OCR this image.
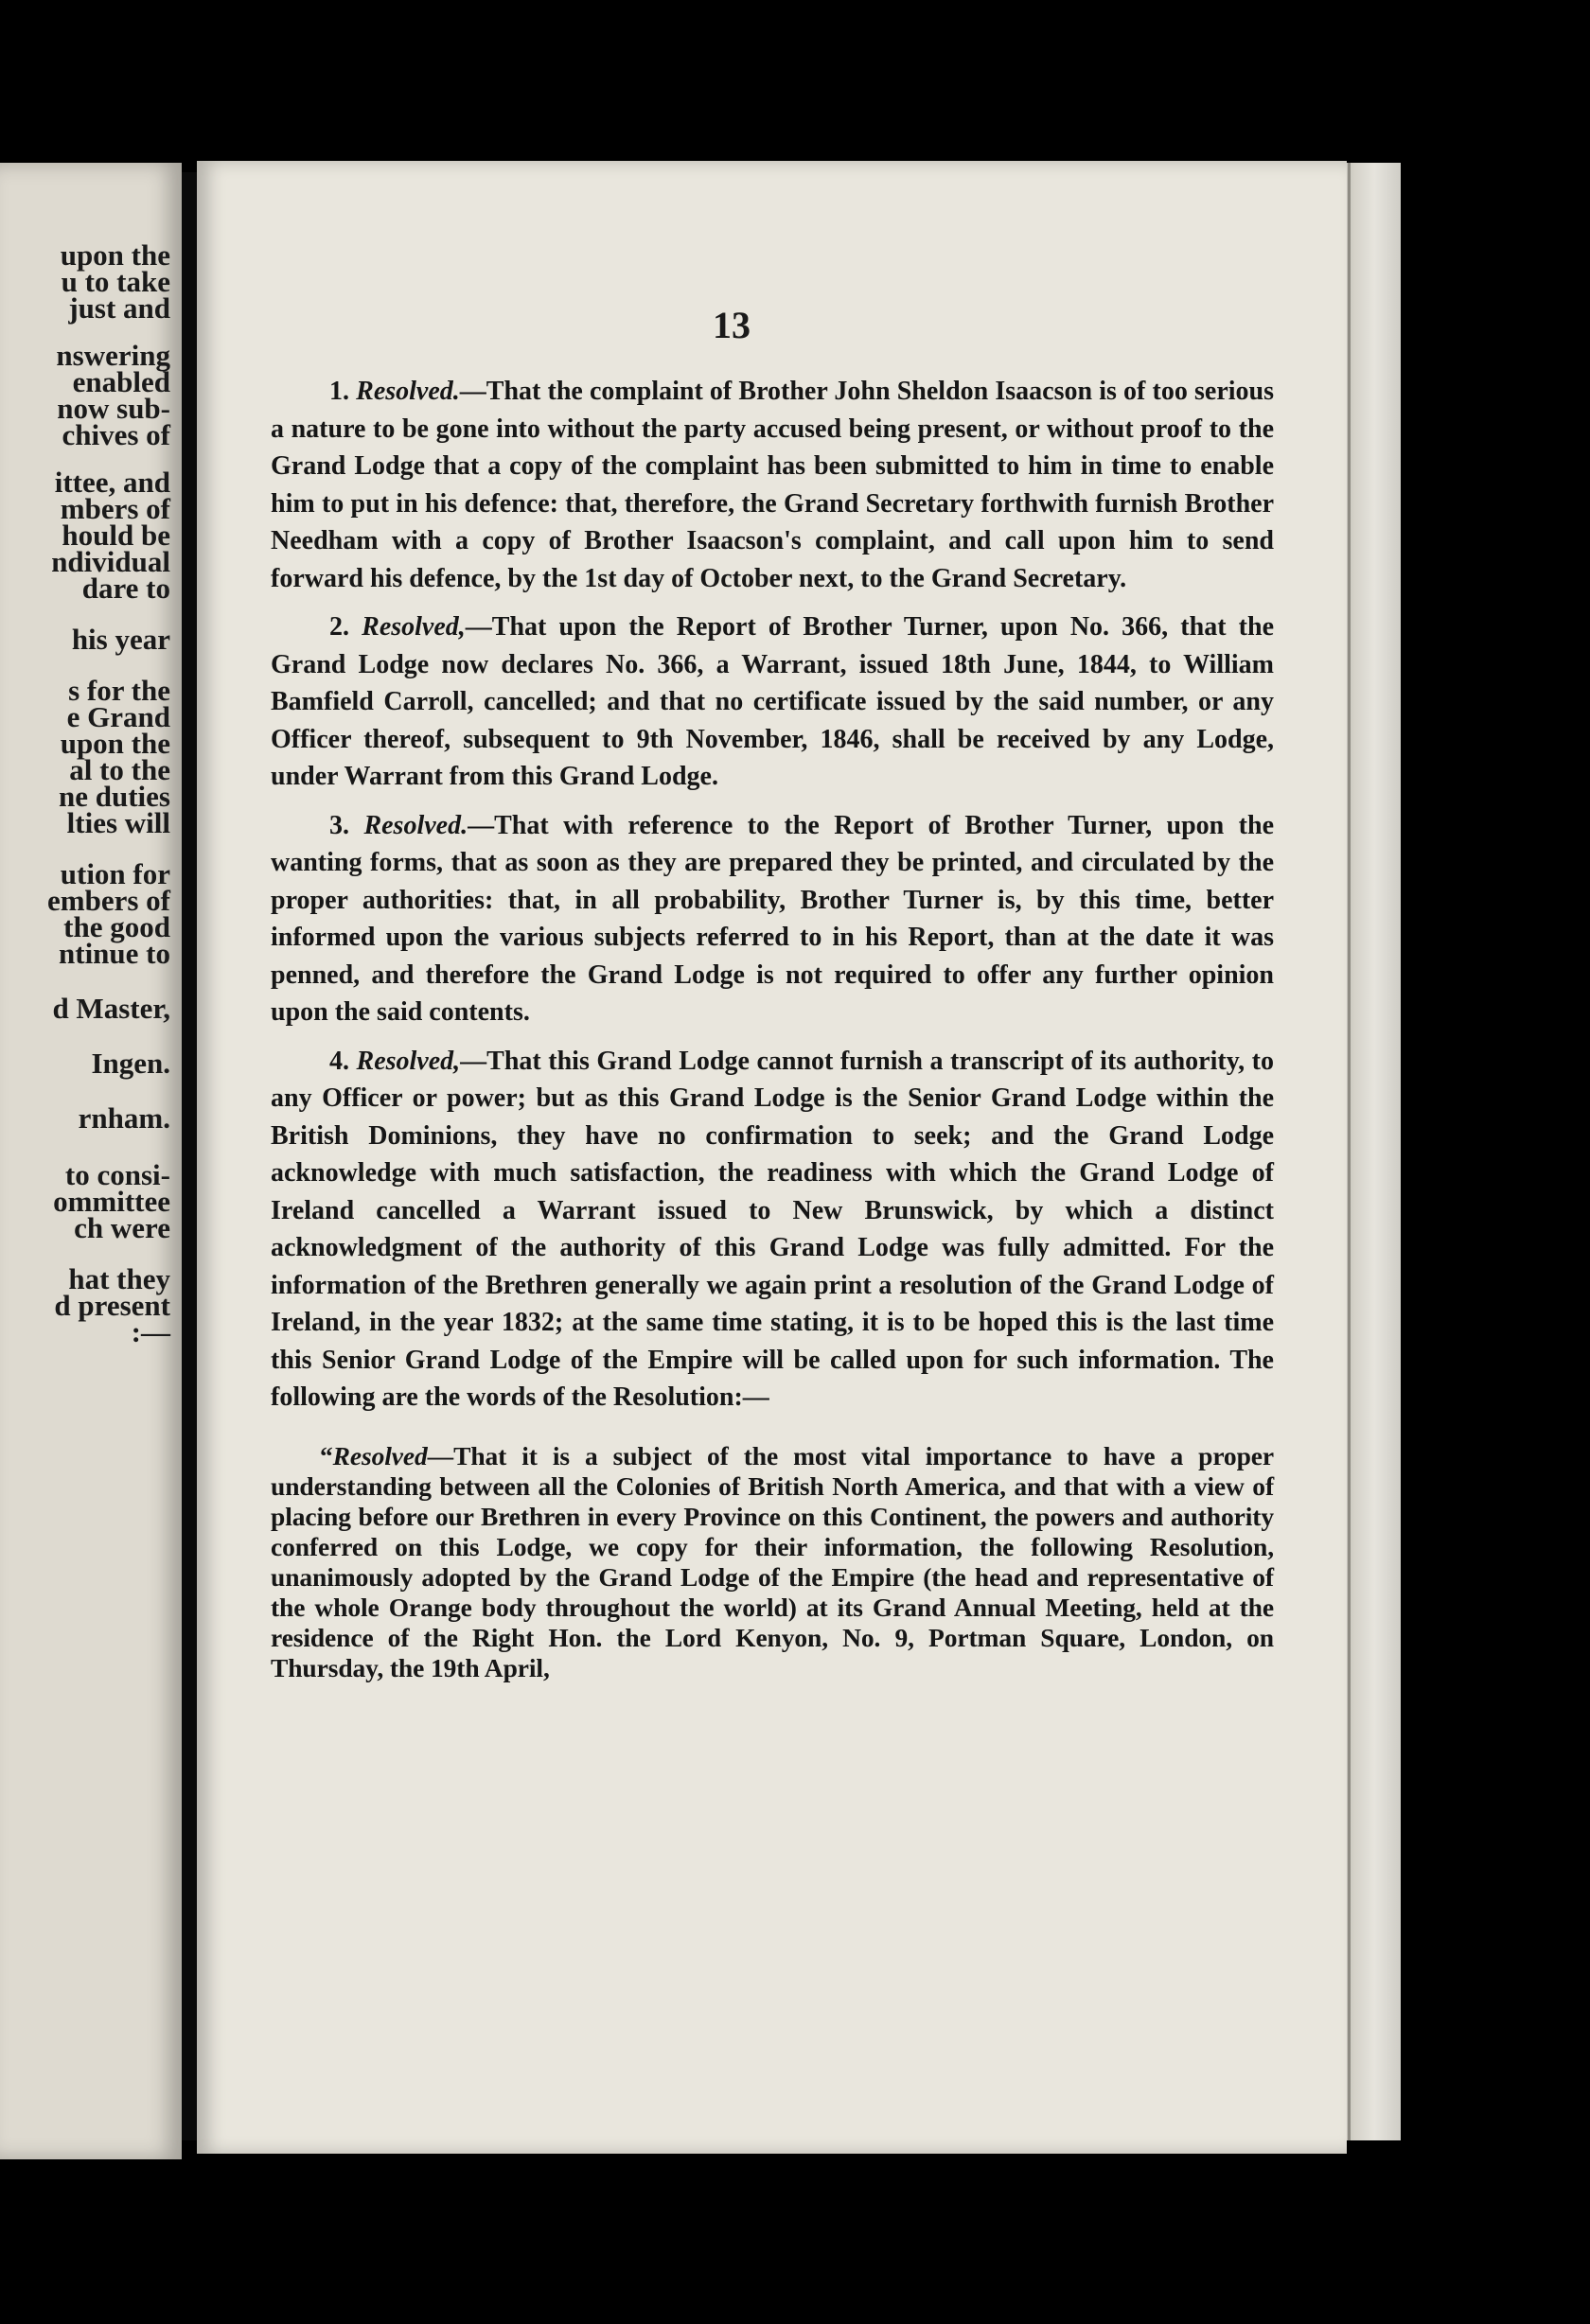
upon the
u to take
just and
nswering
enabled
now sub-
chives of
ittee, and
mbers of
hould be
ndividual
dare to
his year
s for the
e Grand
upon the
al to the
ne duties
lties will
ution for
embers of
the good
ntinue to
d Master,
Ingen.
rnham.
to consi-
ommittee
ch were
hat they
d present
:—
13

1. Resolved.—That the complaint of Brother John Sheldon Isaacson is of too serious a nature to be gone into without the party accused being present, or without proof to the Grand Lodge that a copy of the complaint has been submitted to him in time to enable him to put in his defence: that, therefore, the Grand Secretary forthwith furnish Brother Needham with a copy of Brother Isaacson's complaint, and call upon him to send forward his defence, by the 1st day of October next, to the Grand Secretary.

2. Resolved,—That upon the Report of Brother Turner, upon No. 366, that the Grand Lodge now declares No. 366, a Warrant, issued 18th June, 1844, to William Bamfield Carroll, cancelled; and that no certificate issued by the said number, or any Officer thereof, subsequent to 9th November, 1846, shall be received by any Lodge, under Warrant from this Grand Lodge.

3. Resolved.—That with reference to the Report of Brother Turner, upon the wanting forms, that as soon as they are prepared they be printed, and circulated by the proper authorities: that, in all probability, Brother Turner is, by this time, better informed upon the various subjects referred to in his Report, than at the date it was penned, and therefore the Grand Lodge is not required to offer any further opinion upon the said contents.

4. Resolved,—That this Grand Lodge cannot furnish a transcript of its authority, to any Officer or power; but as this Grand Lodge is the Senior Grand Lodge within the British Dominions, they have no confirmation to seek; and the Grand Lodge acknowledge with much satisfaction, the readiness with which the Grand Lodge of Ireland cancelled a Warrant issued to New Brunswick, by which a distinct acknowledgment of the authority of this Grand Lodge was fully admitted. For the information of the Brethren generally we again print a resolution of the Grand Lodge of Ireland, in the year 1832; at the same time stating, it is to be hoped this is the last time this Senior Grand Lodge of the Empire will be called upon for such information. The following are the words of the Resolution:—

“Resolved—That it is a subject of the most vital importance to have a proper understanding between all the Colonies of British North America, and that with a view of placing before our Brethren in every Province on this Continent, the powers and authority conferred on this Lodge, we copy for their information, the following Resolution, unanimously adopted by the Grand Lodge of the Empire (the head and representative of the whole Orange body throughout the world) at its Grand Annual Meeting, held at the residence of the Right Hon. the Lord Kenyon, No. 9, Portman Square, London, on Thursday, the 19th April,
